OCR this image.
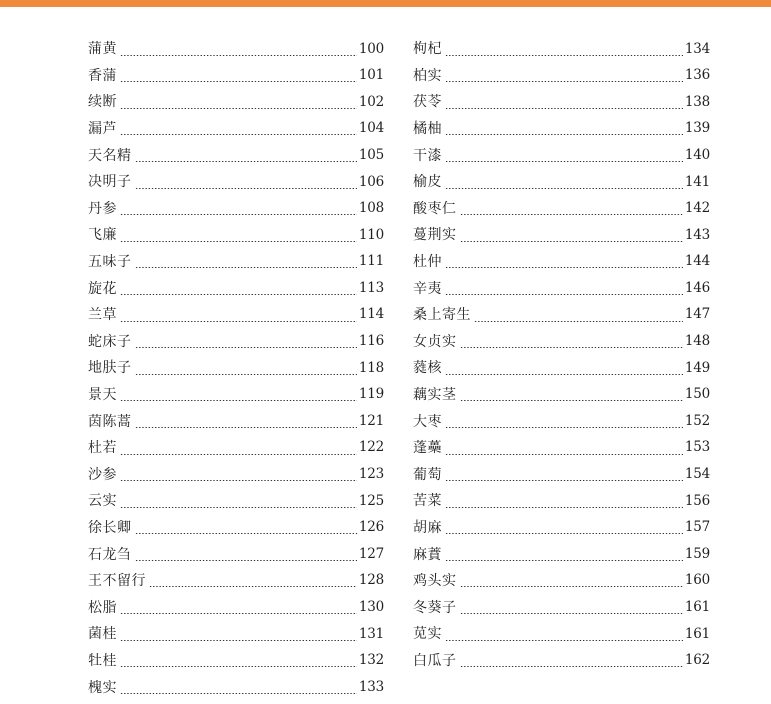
蒲黄	100
香蒲	101
续断	102
漏芦	104
天名精	105
决明子	106
丹参	108
飞廉	110
五味子	111
旋花	113
兰草	114
蛇床子	116
地肤子	118
景天	119
茵陈蒿	121
杜若	122
沙参	123
云实	125
徐长卿	126
石龙刍	127
王不留行	128
松脂	130
菌桂	131
牡桂	132
槐实	133
枸杞	134
柏实	136
茯苓	138
橘柚	139
干漆	140
榆皮	141
酸枣仁	142
蔓荆实	143
杜仲	144
辛夷	146
桑上寄生	147
女贞实	148
蕤核	149
藕实茎	150
大枣	152
蓬蘽	153
葡萄	154
苦菜	156
胡麻	157
麻蕡	159
鸡头实	160
冬葵子	161
苋实	161
白瓜子	162
